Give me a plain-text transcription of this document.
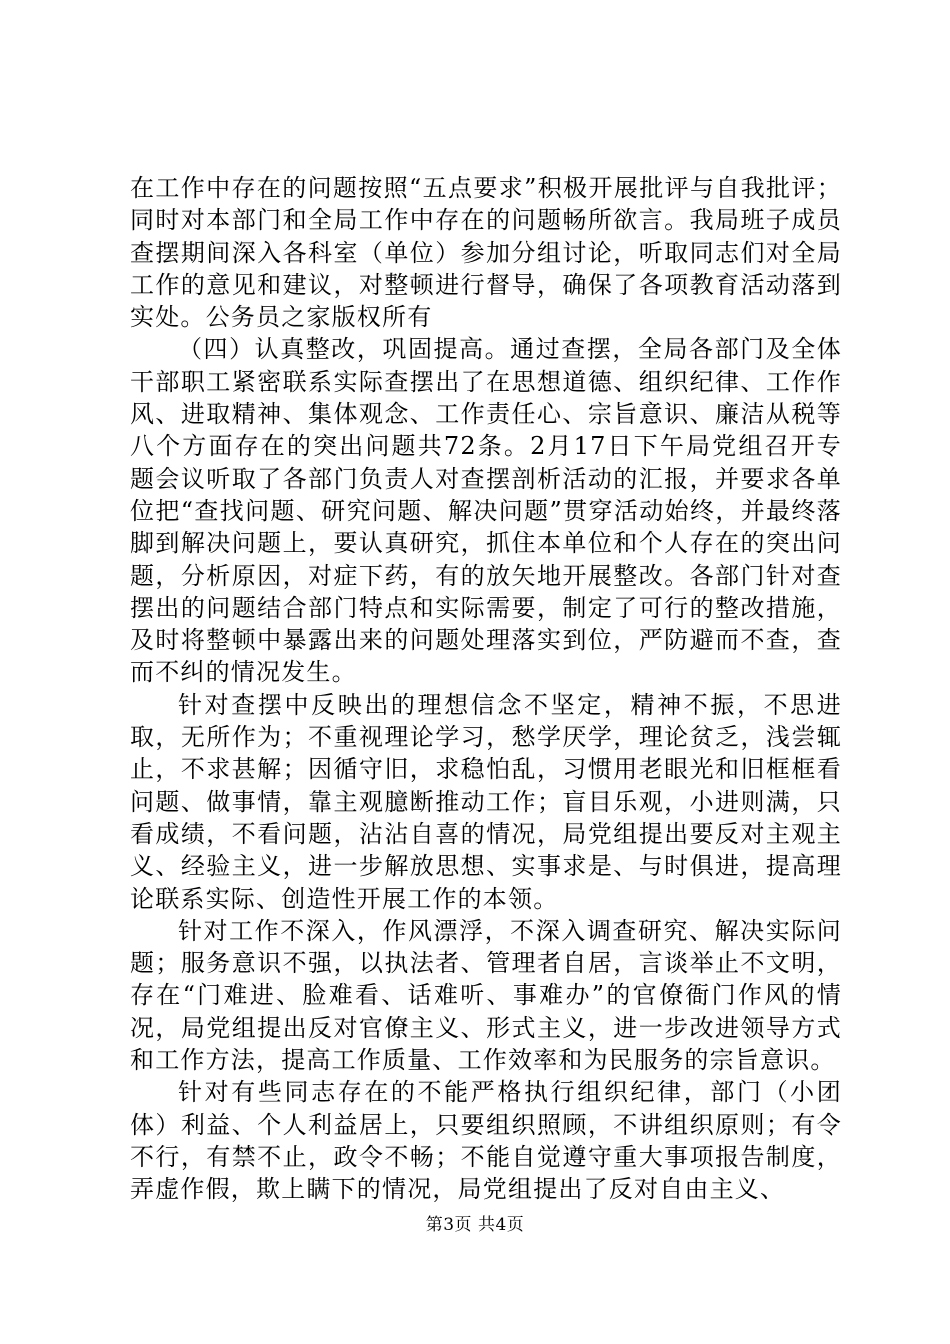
在工作中存在的问题按照“五点要求”积极开展批评与自我批评；同时对本部门和全局工作中存在的问题畅所欲言。我局班子成员查摆期间深入各科室（单位）参加分组讨论，听取同志们对全局工作的意见和建议，对整顿进行督导，确保了各项教育活动落到实处。公务员之家版权所有

（四）认真整改，巩固提高。通过查摆，全局各部门及全体干部职工紧密联系实际查摆出了在思想道德、组织纪律、工作作风、进取精神、集体观念、工作责任心、宗旨意识、廉洁从税等八个方面存在的突出问题共72条。2月17日下午局党组召开专题会议听取了各部门负责人对查摆剖析活动的汇报，并要求各单位把“查找问题、研究问题、解决问题”贯穿活动始终，并最终落脚到解决问题上，要认真研究，抓住本单位和个人存在的突出问题，分析原因，对症下药，有的放矢地开展整改。各部门针对查摆出的问题结合部门特点和实际需要，制定了可行的整改措施，及时将整顿中暴露出来的问题处理落实到位，严防避而不查，查而不纠的情况发生。

针对查摆中反映出的理想信念不坚定，精神不振，不思进取，无所作为；不重视理论学习，愁学厌学，理论贫乏，浅尝辄止，不求甚解；因循守旧，求稳怕乱，习惯用老眼光和旧框框看问题、做事情，靠主观臆断推动工作；盲目乐观，小进则满，只看成绩，不看问题，沾沾自喜的情况，局党组提出要反对主观主义、经验主义，进一步解放思想、实事求是、与时俱进，提高理论联系实际、创造性开展工作的本领。

针对工作不深入，作风漂浮，不深入调查研究、解决实际问题；服务意识不强，以执法者、管理者自居，言谈举止不文明，存在“门难进、脸难看、话难听、事难办”的官僚衙门作风的情况，局党组提出反对官僚主义、形式主义，进一步改进领导方式和工作方法，提高工作质量、工作效率和为民服务的宗旨意识。

针对有些同志存在的不能严格执行组织纪律，部门（小团体）利益、个人利益居上，只要组织照顾，不讲组织原则；有令不行，有禁不止，政令不畅；不能自觉遵守重大事项报告制度，弄虚作假，欺上瞒下的情况，局党组提出了反对自由主义、

第3页 共4页
